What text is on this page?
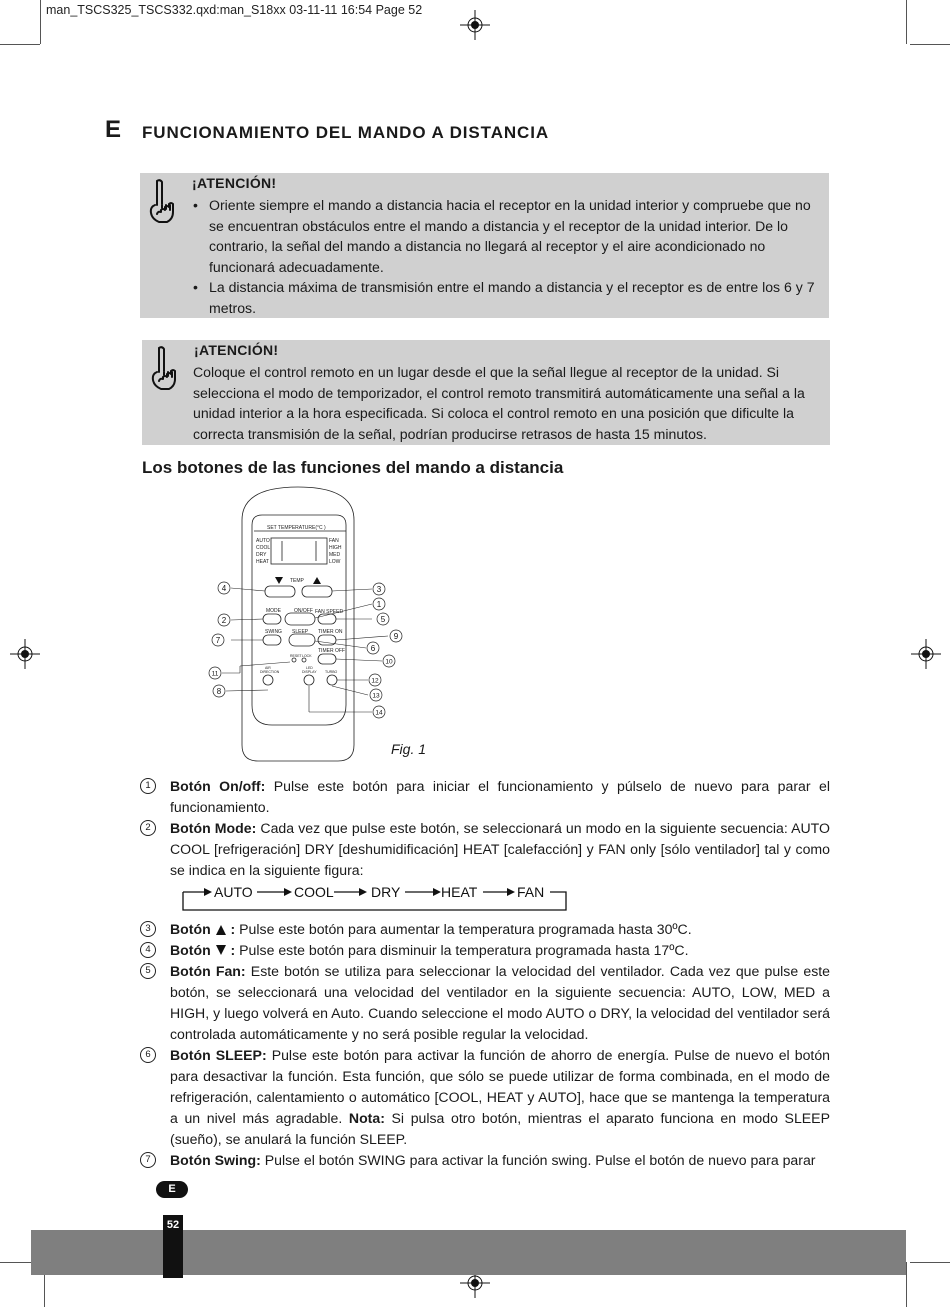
man_TSCS325_TSCS332.qxd:man_S18xx 03-11-11 16:54 Page 52
E FUNCIONAMIENTO DEL MANDO A DISTANCIA
¡ATENCIÓN!
• Oriente siempre el mando a distancia hacia el receptor en la unidad interior y compruebe que no se encuentran obstáculos entre el mando a distancia y el receptor de la unidad interior. De lo contrario, la señal del mando a distancia no llegará al receptor y el aire acondicionado no funcionará adecuadamente.
• La distancia máxima de transmisión entre el mando a distancia y el receptor es de entre los 6 y 7 metros.
¡ATENCIÓN!
Coloque el control remoto en un lugar desde el que la señal llegue al receptor de la unidad. Si selecciona el modo de temporizador, el control remoto transmitirá automáticamente una señal a la unidad interior a la hora especificada. Si coloca el control remoto en una posición que dificulte la correcta transmisión de la señal, podrían producirse retrasos de hasta 15 minutos.
Los botones de las funciones del mando a distancia
SET TEMPERATURE(°C )
AUTO
COOL
DRY
HEAT
FAN
HIGH
MED
LOW
TEMP
MODE	ON/OFF FAN SPEED
SWING SLEEP TIMER ON
TIMER OFF
RESET LOCK
AIR
DIRECTION
LED
DISPLAY TURBO
4	3
1
2	5
7	9
6
10
11
12
8	13
14
Fig. 1
1	Botón On/off: Pulse este botón para iniciar el funcionamiento y púlselo de nuevo para parar el funcionamiento.
2	Botón Mode: Cada vez que pulse este botón, se seleccionará un modo en la siguiente secuencia: AUTO COOL [refrigeración] DRY [deshumidificación] HEAT [calefacción] y FAN only [sólo ventilador] tal y como se indica en la siguiente figura:
AUTO	COOL	DRY	HEAT	FAN
3	Botón  : Pulse este botón para aumentar la temperatura programada hasta 30ºC.
4	Botón  : Pulse este botón para disminuir la temperatura programada hasta 17ºC.
5	Botón Fan: Este botón se utiliza para seleccionar la velocidad del ventilador. Cada vez que pulse este botón, se seleccionará una velocidad del ventilador en la siguiente secuencia: AUTO, LOW, MED a HIGH, y luego volverá en Auto. Cuando seleccione el modo AUTO o DRY, la velocidad del ventilador será controlada automáticamente y no será posible regular la velocidad.
6	Botón SLEEP: Pulse este botón para activar la función de ahorro de energía. Pulse de nuevo el botón para desactivar la función. Esta función, que sólo se puede utilizar de forma combinada, en el modo de refrigeración, calentamiento o automático [COOL, HEAT y AUTO], hace que se mantenga la temperatura a un nivel más agradable. Nota: Si pulsa otro botón, mientras el aparato funciona en modo SLEEP (sueño), se anulará la función SLEEP.
7	Botón Swing: Pulse el botón SWING para activar la función swing. Pulse el botón de nuevo para parar
E
52
